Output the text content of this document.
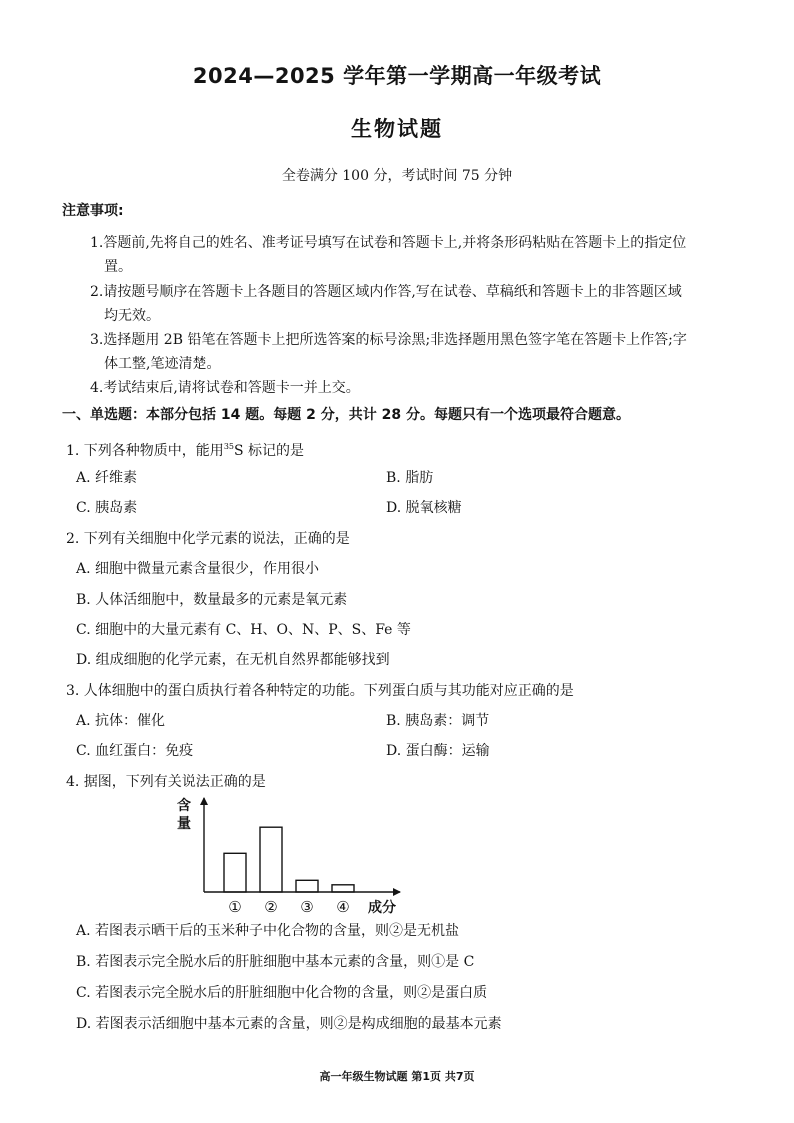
2024—2025 学年第一学期高一年级考试
生物试题
全卷满分 100 分，考试时间 75 分钟
注意事项:
1.答题前,先将自己的姓名、准考证号填写在试卷和答题卡上,并将条形码粘贴在答题卡上的指定位
置。
2.请按题号顺序在答题卡上各题目的答题区域内作答,写在试卷、草稿纸和答题卡上的非答题区域
均无效。
3.选择题用 2B 铅笔在答题卡上把所选答案的标号涂黑;非选择题用黑色签字笔在答题卡上作答;字
体工整,笔迹清楚。
4.考试结束后,请将试卷和答题卡一并上交。
一、单选题：本部分包括 14 题。每题 2 分，共计 28 分。每题只有一个选项最符合题意。
1. 下列各种物质中，能用$^{35}$S 标记的是
A. 纤维素	B. 脂肪
C. 胰岛素	D. 脱氧核糖
2. 下列有关细胞中化学元素的说法，正确的是
A. 细胞中微量元素含量很少，作用很小
B. 人体活细胞中，数量最多的元素是氧元素
C. 细胞中的大量元素有 C、H、O、N、P、S、Fe 等
D. 组成细胞的化学元素，在无机自然界都能够找到
3. 人体细胞中的蛋白质执行着各种特定的功能。下列蛋白质与其功能对应正确的是
A. 抗体：催化	B. 胰岛素：调节
C. 血红蛋白：免疫	D. 蛋白酶：运输
4. 据图，下列有关说法正确的是
含
量
① ② ③ ④ 成分
A. 若图表示晒干后的玉米种子中化合物的含量，则②是无机盐
B. 若图表示完全脱水后的肝脏细胞中基本元素的含量，则①是 C
C. 若图表示完全脱水后的肝脏细胞中化合物的含量，则②是蛋白质
D. 若图表示活细胞中基本元素的含量，则②是构成细胞的最基本元素
高一年级生物试题 第1页 共7页
